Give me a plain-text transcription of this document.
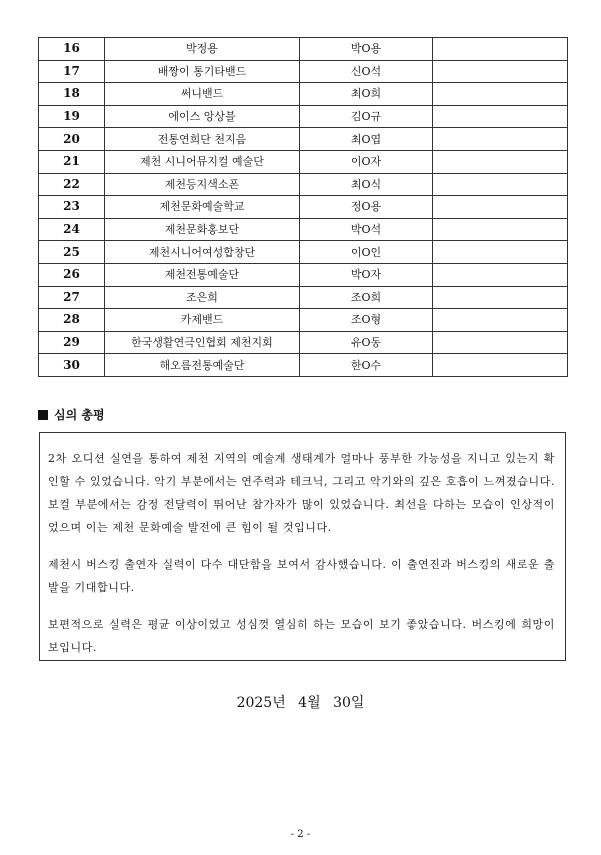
16	박정용	박O용	
17	배짱이 통기타밴드	신O석	
18	써니밴드	최O희	
19	에이스 앙상블	김O규	
20	전통연희단 천지음	최O엽	
21	제천 시니어뮤지컬 예술단	이O자	
22	제천등지색소폰	최O식	
23	제천문화예술학교	정O용	
24	제천문화홍보단	박O석	
25	제천시니어여성합창단	이O인	
26	제천전통예술단	박O자	
27	조은희	조O희	
28	카제밴드	조O형	
29	한국생활연극인협회 제천지회	유O동	
30	해오름전통예술단	한O수	
심의 총평

2차 오디션 실연을 통하여 제천 지역의 예술계 생태계가 얼마나 풍부한 가능성을 지니고 있는지 확인할 수 있었습니다. 악기 부분에서는 연주력과 테크닉, 그리고 악기와의 깊은 호흡이 느껴졌습니다. 보컬 부분에서는 감정 전달력이 뛰어난 참가자가 많이 있었습니다. 최선을 다하는 모습이 인상적이었으며 이는 제천 문화예술 발전에 큰 힘이 될 것입니다.

제천시 버스킹 출연자 실력이 다수 대단함을 보여서 감사했습니다. 이 출연진과 버스킹의 새로운 출발을 기대합니다.

보편적으로 실력은 평균 이상이었고 성심껏 열심히 하는 모습이 보기 좋았습니다. 버스킹에 희망이 보입니다.

2025년 4월 30일
- 2 -
